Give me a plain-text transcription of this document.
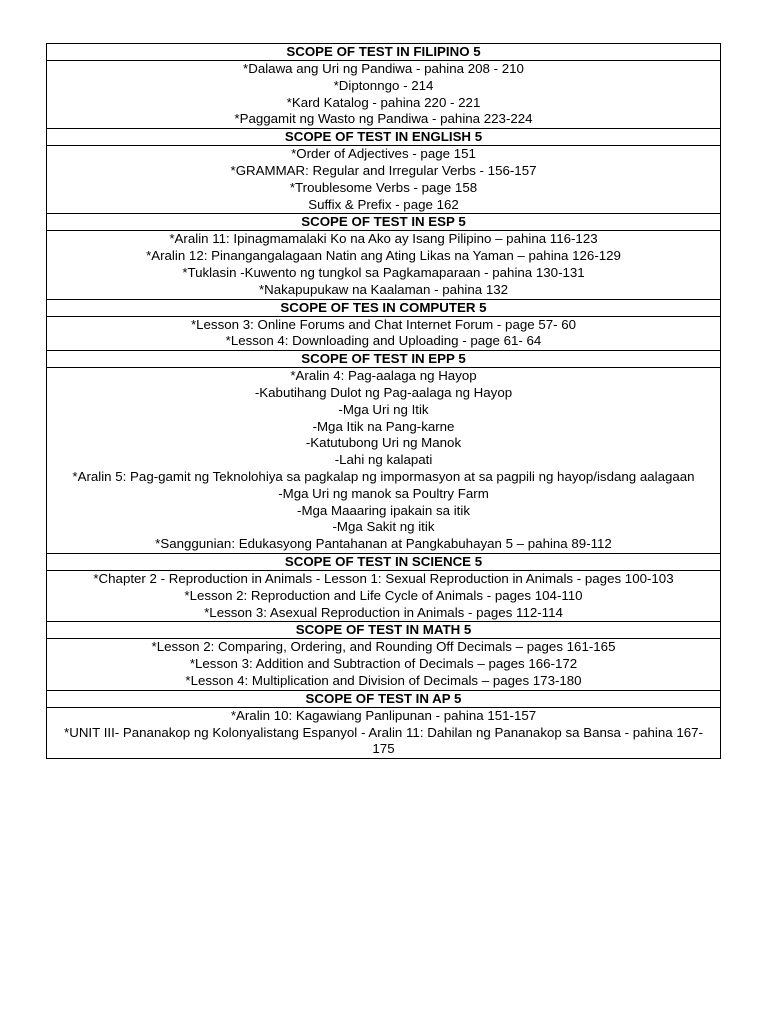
SCOPE OF TEST IN FILIPINO 5

*Dalawa ang Uri ng Pandiwa - pahina 208 - 210
*Diptonngo - 214
*Kard Katalog - pahina 220 - 221
*Paggamit ng Wasto ng Pandiwa - pahina 223-224

SCOPE OF TEST IN ENGLISH 5

*Order of Adjectives - page 151
*GRAMMAR: Regular and Irregular Verbs - 156-157
*Troublesome Verbs - page 158
Suffix & Prefix - page 162

SCOPE OF TEST IN ESP 5

*Aralin 11: Ipinagmamalaki Ko na Ako ay Isang Pilipino – pahina 116-123
*Aralin 12: Pinangangalagaan Natin ang Ating Likas na Yaman – pahina 126-129
*Tuklasin -Kuwento ng tungkol sa Pagkamaparaan - pahina 130-131
*Nakapupukaw na Kaalaman - pahina 132

SCOPE OF TES IN COMPUTER 5

*Lesson 3: Online Forums and Chat Internet Forum - page 57- 60
*Lesson 4: Downloading and Uploading - page 61- 64

SCOPE OF TEST IN EPP 5

*Aralin 4: Pag-aalaga ng Hayop
-Kabutihang Dulot ng Pag-aalaga ng Hayop
-Mga Uri ng Itik
-Mga Itik na Pang-karne
-Katutubong Uri ng Manok
-Lahi ng kalapati
*Aralin 5: Pag-gamit ng Teknolohiya sa pagkalap ng impormasyon at sa pagpili ng hayop/isdang aalagaan
-Mga Uri ng manok sa Poultry Farm
-Mga Maaaring ipakain sa itik
-Mga Sakit ng itik
*Sanggunian: Edukasyong Pantahanan at Pangkabuhayan 5 – pahina 89-112

SCOPE OF TEST IN SCIENCE 5

*Chapter 2 - Reproduction in Animals - Lesson 1: Sexual Reproduction in Animals - pages 100-103
*Lesson 2: Reproduction and Life Cycle of Animals - pages 104-110
*Lesson 3: Asexual Reproduction in Animals - pages 112-114

SCOPE OF TEST IN MATH 5

*Lesson 2: Comparing, Ordering, and Rounding Off Decimals – pages 161-165
*Lesson 3: Addition and Subtraction of Decimals – pages 166-172
*Lesson 4: Multiplication and Division of Decimals – pages 173-180

SCOPE OF TEST IN AP 5

*Aralin 10: Kagawiang Panlipunan - pahina 151-157
*UNIT III- Pananakop ng Kolonyalistang Espanyol - Aralin 11: Dahilan ng Pananakop sa Bansa - pahina 167-175
